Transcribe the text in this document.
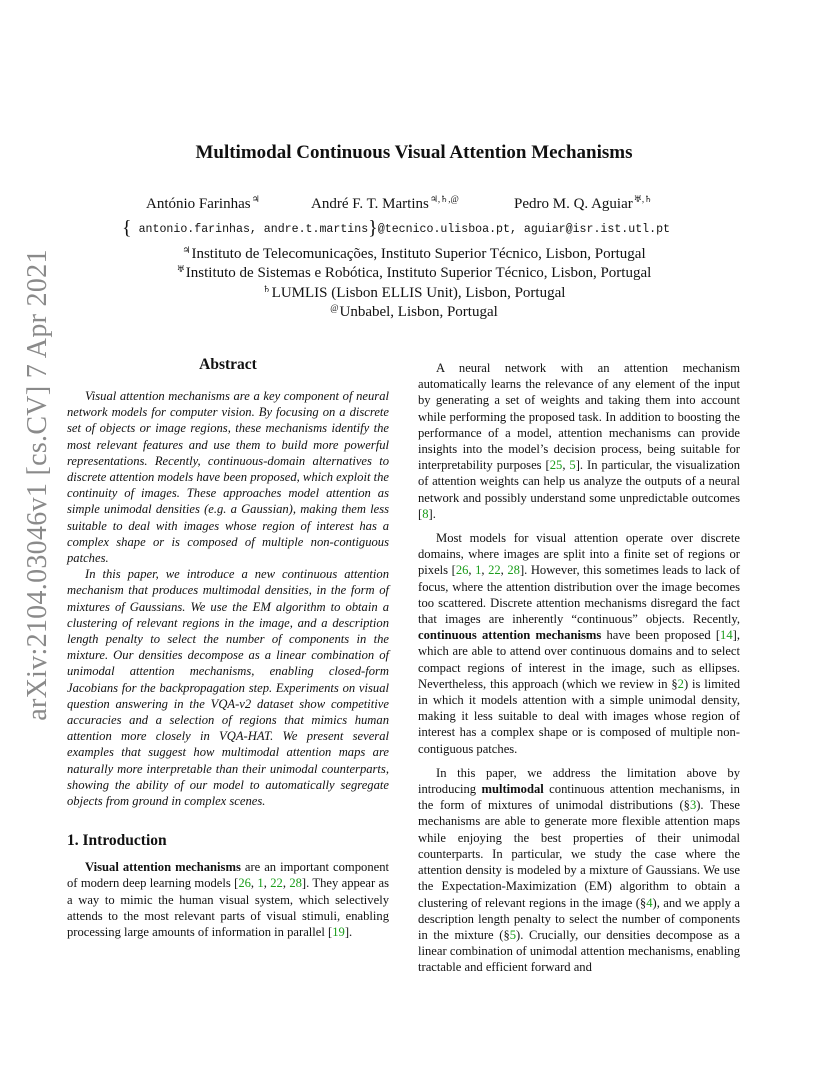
arXiv:2104.03046v1 [cs.CV] 7 Apr 2021
Multimodal Continuous Visual Attention Mechanisms
António Farinhas♃	André F. T. Martins♃,♄,@	Pedro M. Q. Aguiar♅,♄
{ antonio.farinhas, andre.t.martins}@tecnico.ulisboa.pt, aguiar@isr.ist.utl.pt
♃Instituto de Telecomunicações, Instituto Superior Técnico, Lisbon, Portugal
♅Instituto de Sistemas e Robótica, Instituto Superior Técnico, Lisbon, Portugal
♄LUMLIS (Lisbon ELLIS Unit), Lisbon, Portugal
@Unbabel, Lisbon, Portugal
Abstract

Visual attention mechanisms are a key component of neural network models for computer vision. By focusing on a discrete set of objects or image regions, these mechanisms identify the most relevant features and use them to build more powerful representations. Recently, continuous-domain alternatives to discrete attention models have been proposed, which exploit the continuity of images. These approaches model attention as simple unimodal densities (e.g. a Gaussian), making them less suitable to deal with images whose region of interest has a complex shape or is composed of multiple non-contiguous patches.

In this paper, we introduce a new continuous attention mechanism that produces multimodal densities, in the form of mixtures of Gaussians. We use the EM algorithm to obtain a clustering of relevant regions in the image, and a description length penalty to select the number of components in the mixture. Our densities decompose as a linear combination of unimodal attention mechanisms, enabling closed-form Jacobians for the backpropagation step. Experiments on visual question answering in the VQA-v2 dataset show competitive accuracies and a selection of regions that mimics human attention more closely in VQA-HAT. We present several examples that suggest how multimodal attention maps are naturally more interpretable than their unimodal counterparts, showing the ability of our model to automatically segregate objects from ground in complex scenes.

1. Introduction

Visual attention mechanisms are an important component of modern deep learning models [26, 1, 22, 28]. They appear as a way to mimic the human visual system, which selectively attends to the most relevant parts of visual stimuli, enabling processing large amounts of information in parallel [19].

A neural network with an attention mechanism automatically learns the relevance of any element of the input by generating a set of weights and taking them into account while performing the proposed task. In addition to boosting the performance of a model, attention mechanisms can provide insights into the model’s decision process, being suitable for interpretability purposes [25, 5]. In particular, the visualization of attention weights can help us analyze the outputs of a neural network and possibly understand some unpredictable outcomes [8].

Most models for visual attention operate over discrete domains, where images are split into a finite set of regions or pixels [26, 1, 22, 28]. However, this sometimes leads to lack of focus, where the attention distribution over the image becomes too scattered. Discrete attention mechanisms disregard the fact that images are inherently “continuous” objects. Recently, continuous attention mechanisms have been proposed [14], which are able to attend over continuous domains and to select compact regions of interest in the image, such as ellipses. Nevertheless, this approach (which we review in §2) is limited in which it models attention with a simple unimodal density, making it less suitable to deal with images whose region of interest has a complex shape or is composed of multiple non-contiguous patches.

In this paper, we address the limitation above by introducing multimodal continuous attention mechanisms, in the form of mixtures of unimodal distributions (§3). These mechanisms are able to generate more flexible attention maps while enjoying the best properties of their unimodal counterparts. In particular, we study the case where the attention density is modeled by a mixture of Gaussians. We use the Expectation-Maximization (EM) algorithm to obtain a clustering of relevant regions in the image (§4), and we apply a description length penalty to select the number of components in the mixture (§5). Crucially, our densities decompose as a linear combination of unimodal attention mechanisms, enabling tractable and efficient forward and
